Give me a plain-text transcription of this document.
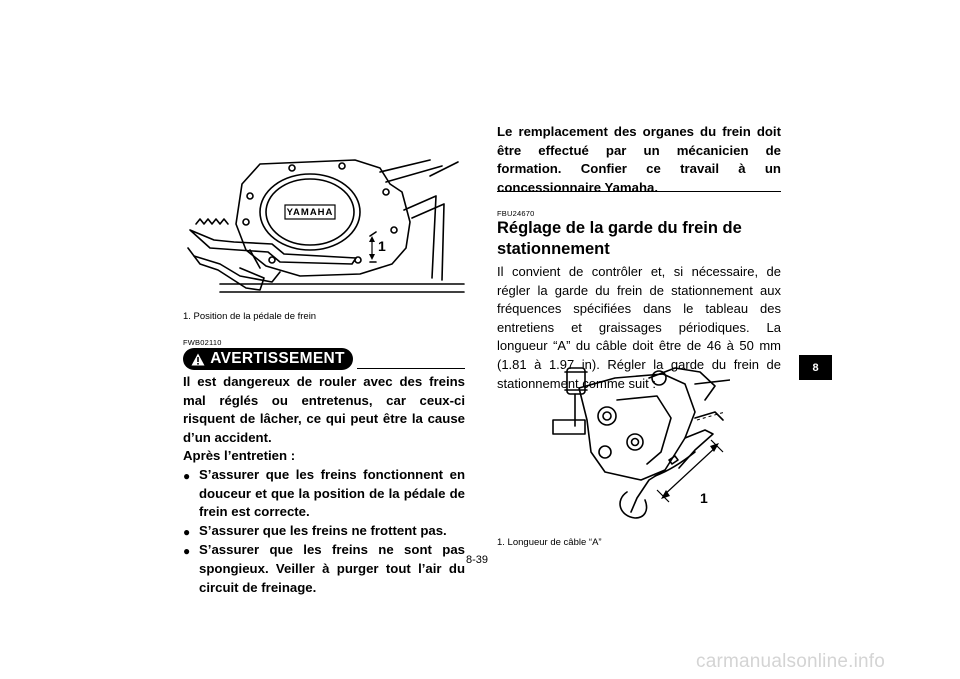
YAMAHA
1
1. Position de la pédale de frein
FWB02110
AVERTISSEMENT
Il est dangereux de rouler avec des freins mal réglés ou entretenus, car ceux-ci risquent de lâcher, ce qui peut être la cause d’un accident.
Après l’entretien :
● S’assurer que les freins fonctionnent en douceur et que la position de la pédale de frein est correcte.
● S’assurer que les freins ne frottent pas.
● S’assurer que les freins ne sont pas spongieux. Veiller à purger tout l’air du circuit de freinage.
Le remplacement des organes du frein doit être effectué par un mécanicien de formation. Confier ce travail à un concessionnaire Yamaha.
FBU24670
Réglage de la garde du frein de stationnement
Il convient de contrôler et, si nécessaire, de régler la garde du frein de stationnement aux fréquences spécifiées dans le tableau des entretiens et graissages périodiques. La longueur “A” du câble doit être de 46 à 50 mm (1.81 à 1.97 in). Régler la garde du frein de stationnement comme suit :
1
1. Longueur de câble “A”
8
8-39
carmanualsonline.info
